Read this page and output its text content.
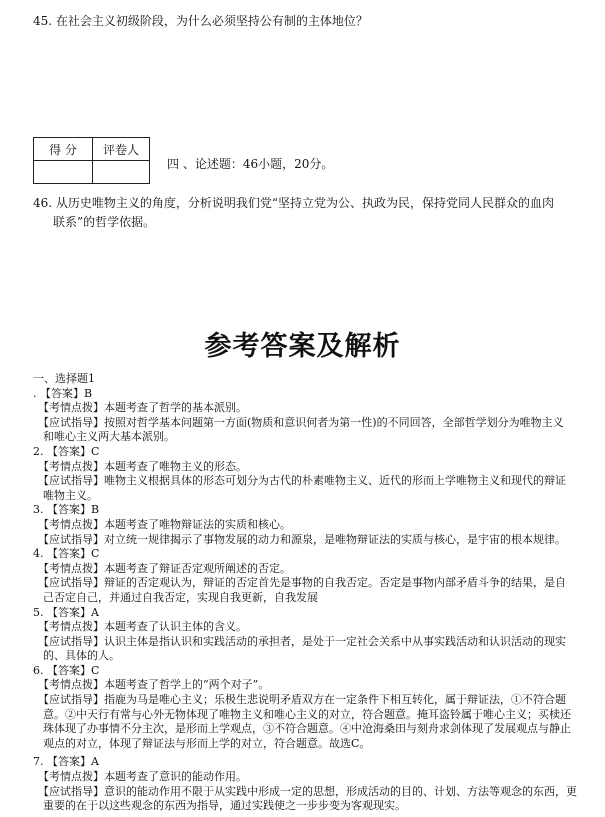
45. 在社会主义初级阶段，为什么必须坚持公有制的主体地位？
得 分	评卷人

四 、论述题：46小题，20分。
46. 从历史唯物主义的角度，分析说明我们党“坚持立党为公、执政为民，保持党同人民群众的血肉
联系”的哲学依据。
参考答案及解析
一、选择题1
. 【答案】B
【考情点拨】本题考查了哲学的基本派别。
【应试指导】按照对哲学基本问题第一方面(物质和意识何者为第一性)的不同回答，全部哲学划分为唯物主义
和唯心主义两大基本派别。
2. 【答案】C
【考情点拨】本题考查了唯物主义的形态。
【应试指导】唯物主义根据具体的形态可划分为古代的朴素唯物主义、近代的形而上学唯物主义和现代的辩证
唯物主义。
3. 【答案】B
【考情点拨】本题考查了唯物辩证法的实质和核心。
【应试指导】对立统一规律揭示了事物发展的动力和源泉，是唯物辩证法的实质与核心，是宇宙的根本规律。
4. 【答案】C
【考情点拨】本题考查了辩证否定观所阐述的否定。
【应试指导】辩证的否定观认为，辩证的否定首先是事物的自我否定。否定是事物内部矛盾斗争的结果，是自
己否定自己，并通过自我否定，实现自我更新，自我发展
5. 【答案】A
【考情点拨】本题考查了认识主体的含义。
【应试指导】认识主体是指认识和实践活动的承担者，是处于一定社会关系中从事实践活动和认识活动的现实
的、具体的人。
6. 【答案】C
【考情点拨】本题考查了哲学上的“两个对子”。
【应试指导】指鹿为马是唯心主义；乐极生悲说明矛盾双方在一定条件下相互转化，属于辩证法，①不符合题
意。②中天行有常与心外无物体现了唯物主义和唯心主义的对立，符合题意。掩耳盗铃属于唯心主义；买椟还
珠体现了办事情不分主次，是形而上学观点，③不符合题意。④中沧海桑田与刻舟求剑体现了发展观点与静止
观点的对立，体现了辩证法与形而上学的对立，符合题意。故选C。
7. 【答案】A
【考情点拨】本题考查了意识的能动作用。
【应试指导】意识的能动作用不限于从实践中形成一定的思想，形成活动的目的、计划、方法等观念的东西，更
重要的在于以这些观念的东西为指导，通过实践使之一步步变为客观现实。
